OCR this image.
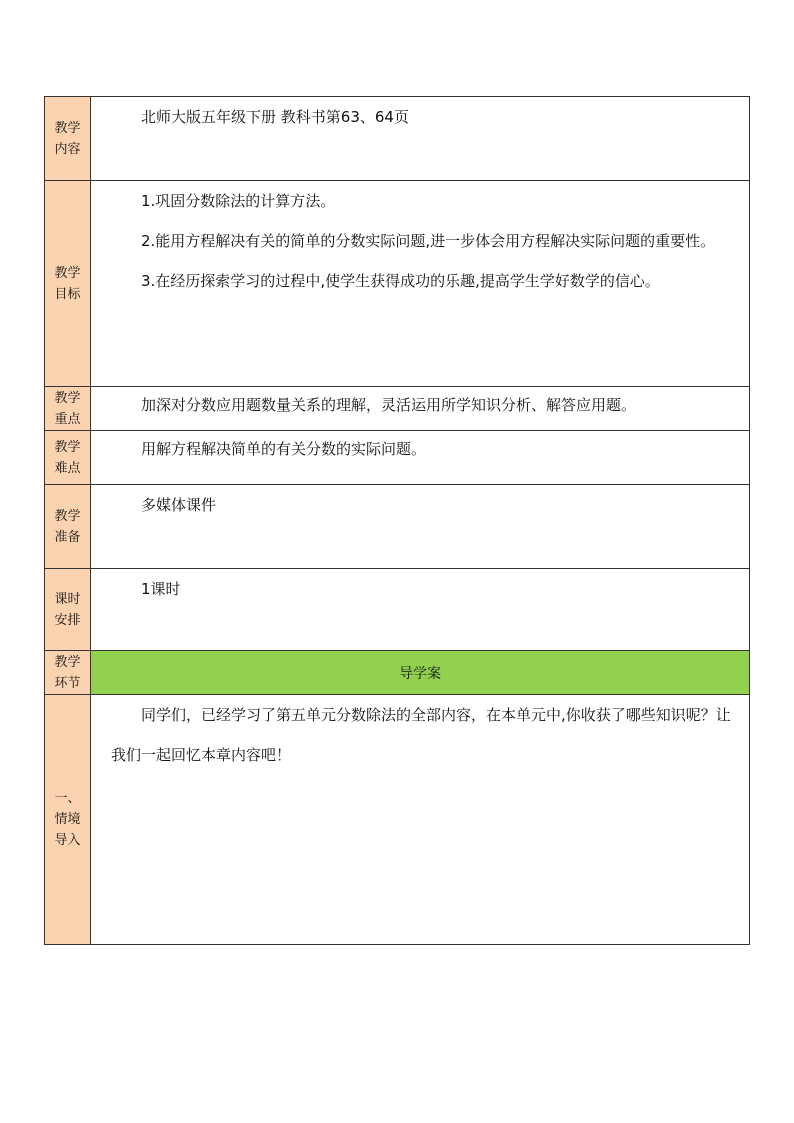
教学内容	北师大版五年级下册 教科书第63、64页

教学目标	1.巩固分数除法的计算方法。

2.能用方程解决有关的简单的分数实际问题,进一步体会用方程解决实际问题的重要性。

3.在经历探索学习的过程中,使学生获得成功的乐趣,提高学生学好数学的信心。

教学重点	加深对分数应用题数量关系的理解，灵活运用所学知识分析、解答应用题。

教学难点	用解方程解决简单的有关分数的实际问题。

教学准备	多媒体课件

课时安排	1课时

教学环节	导学案
一、情境导入	同学们，已经学习了第五单元分数除法的全部内容，在本单元中,你收获了哪些知识呢？让我们一起回忆本章内容吧！
